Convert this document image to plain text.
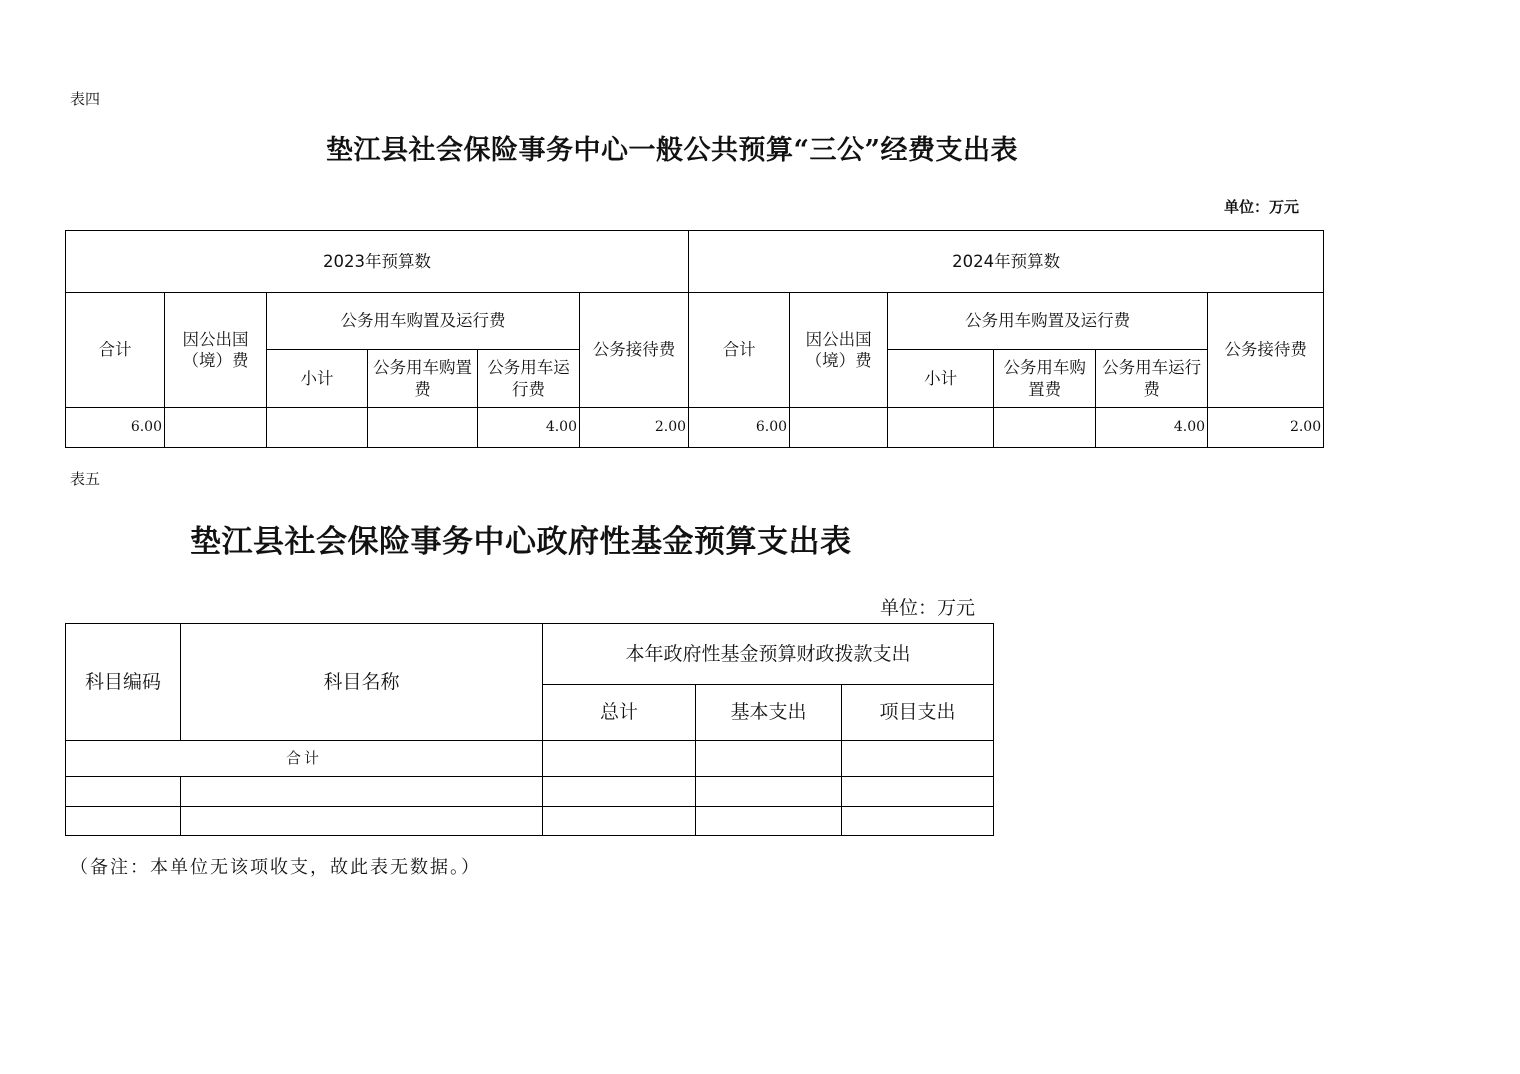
表四
垫江县社会保险事务中心一般公共预算“三公”经费支出表
单位：万元
2023年预算数						2024年预算数					
合计	因公出国（境）费	公务用车购置及运行费			公务接待费	合计	因公出国（境）费	公务用车购置及运行费			公务接待费
		小计	公务用车购置费	公务用车运行费				小计	公务用车购置费	公务用车运行费	
6.00				4.00	2.00	6.00				4.00	2.00
表五
垫江县社会保险事务中心政府性基金预算支出表
单位：万元
科目编码	科目名称	本年政府性基金预算财政拨款支出		
		总计	基本支出	项目支出
合计				

（备注：本单位无该项收支，故此表无数据。）
